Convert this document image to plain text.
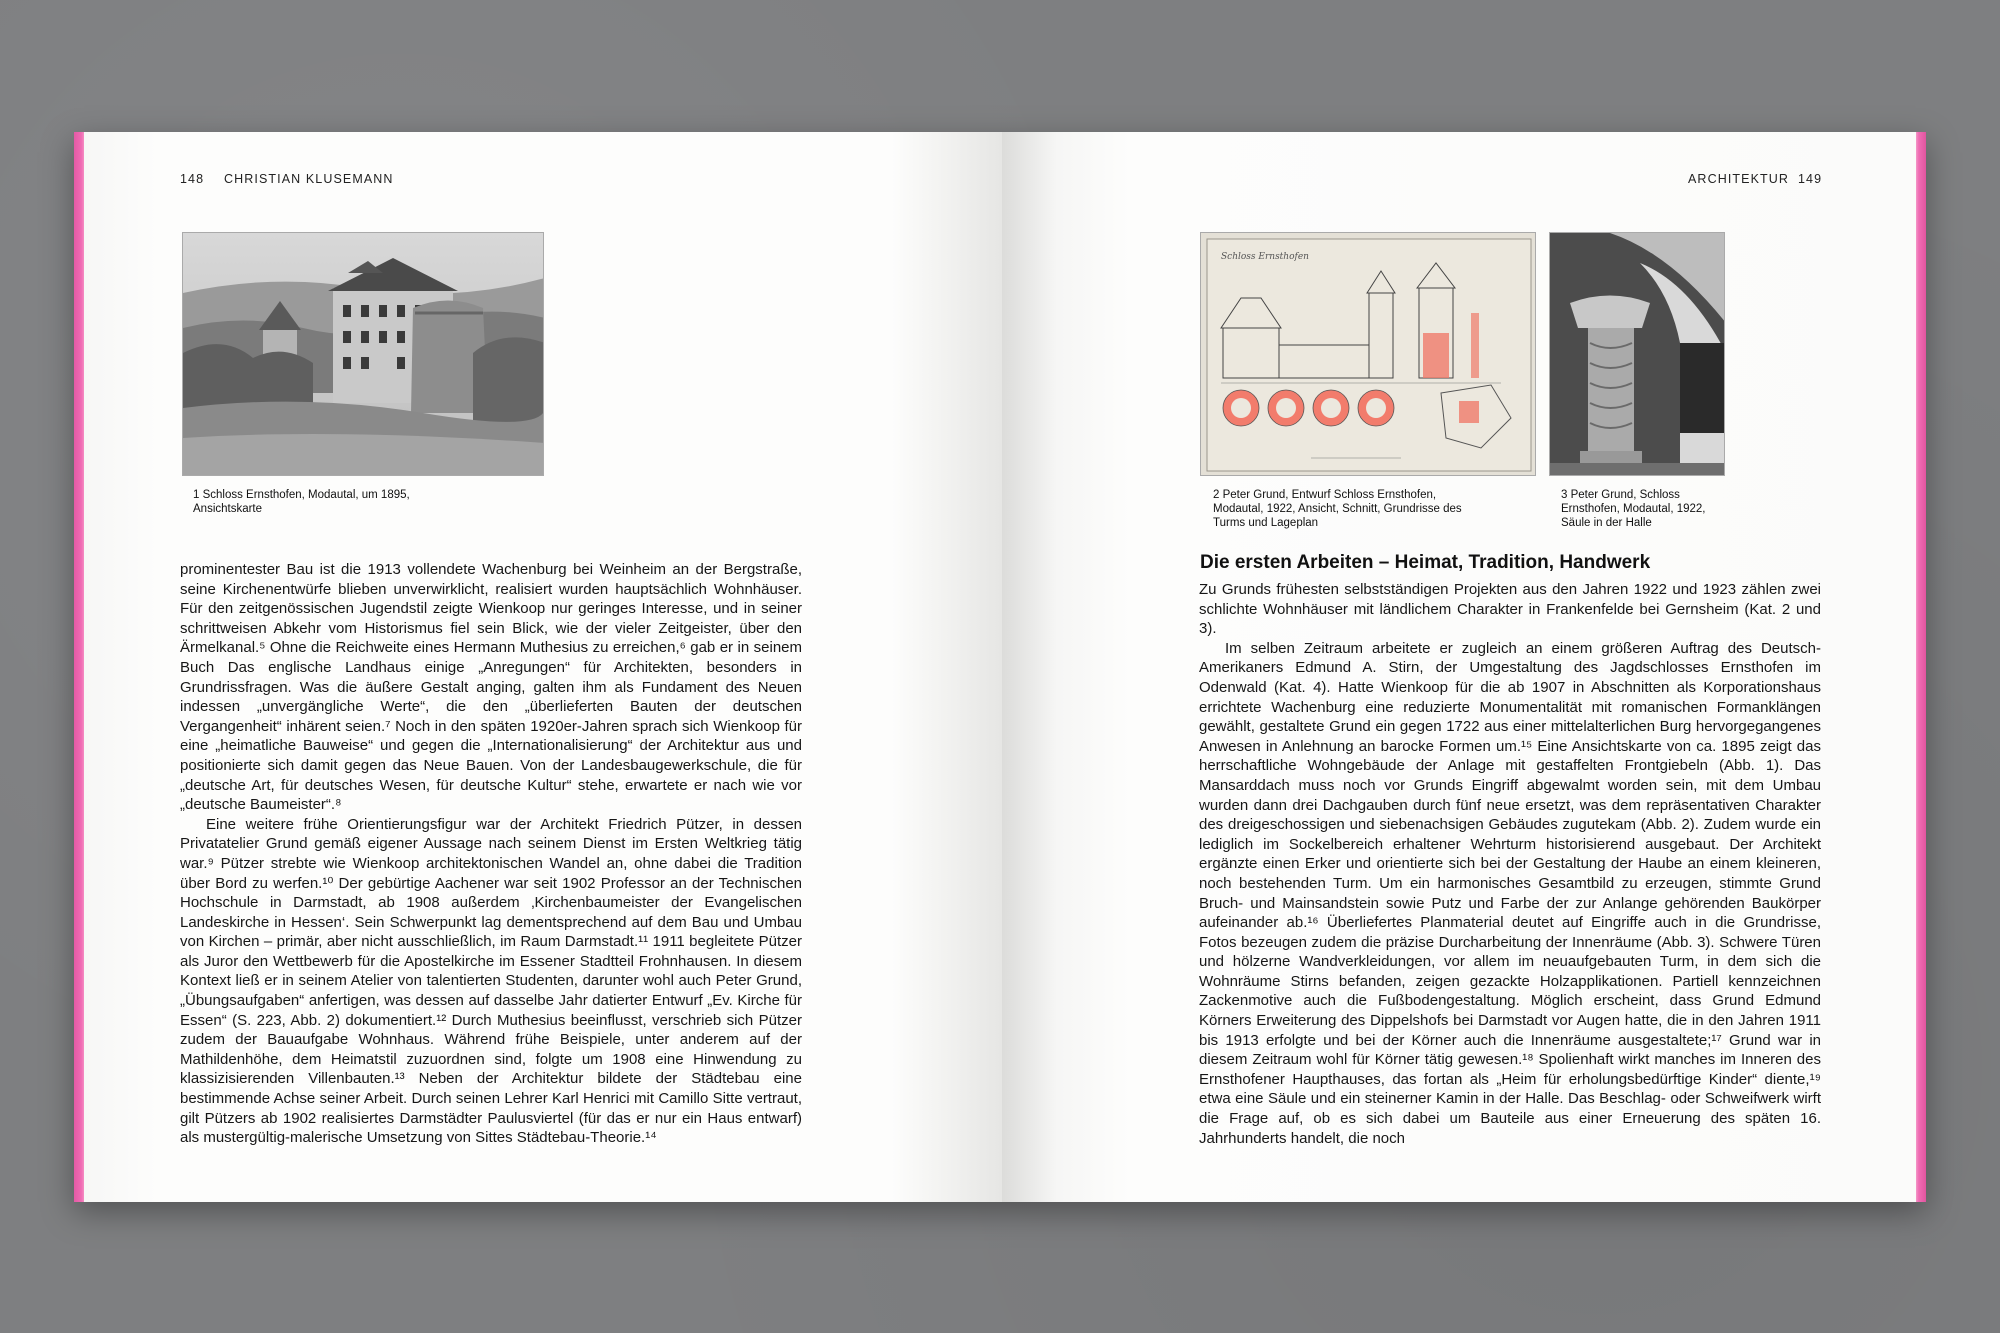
148 CHRISTIAN KLUSEMANN
1 Schloss Ernsthofen, Modautal, um 1895, Ansichtskarte

prominentester Bau ist die 1913 vollendete Wachenburg bei Weinheim an der Bergstraße, seine Kirchenentwürfe blieben unverwirklicht, realisiert wurden hauptsächlich Wohnhäuser. Für den zeitgenössischen Jugendstil zeigte Wienkoop nur geringes Interesse, und in seiner schrittweisen Abkehr vom Historismus fiel sein Blick, wie der vieler Zeitgeister, über den Ärmelkanal.⁵ Ohne die Reichweite eines Hermann Muthesius zu erreichen,⁶ gab er in seinem Buch Das englische Landhaus einige „Anregungen“ für Architekten, besonders in Grundrissfragen. Was die äußere Gestalt anging, galten ihm als Fundament des Neuen indessen „unvergängliche Werte“, die den „überlieferten Bauten der deutschen Vergangenheit“ inhärent seien.⁷ Noch in den späten 1920er-Jahren sprach sich Wienkoop für eine „heimatliche Bauweise“ und gegen die „Internationalisierung“ der Architektur aus und positionierte sich damit gegen das Neue Bauen. Von der Landesbaugewerkschule, die für „deutsche Art, für deutsches Wesen, für deutsche Kultur“ stehe, erwartete er nach wie vor „deutsche Baumeister“.⁸

Eine weitere frühe Orientierungsfigur war der Architekt Friedrich Pützer, in dessen Privatatelier Grund gemäß eigener Aussage nach seinem Dienst im Ersten Weltkrieg tätig war.⁹ Pützer strebte wie Wienkoop architektonischen Wandel an, ohne dabei die Tradition über Bord zu werfen.¹⁰ Der gebürtige Aachener war seit 1902 Professor an der Technischen Hochschule in Darmstadt, ab 1908 außerdem ‚Kirchenbaumeister der Evangelischen Landeskirche in Hessen‘. Sein Schwerpunkt lag dementsprechend auf dem Bau und Umbau von Kirchen – primär, aber nicht ausschließlich, im Raum Darmstadt.¹¹ 1911 begleitete Pützer als Juror den Wettbewerb für die Apostelkirche im Essener Stadtteil Frohnhausen. In diesem Kontext ließ er in seinem Atelier von talentierten Studenten, darunter wohl auch Peter Grund, „Übungsaufgaben“ anfertigen, was dessen auf dasselbe Jahr datierter Entwurf „Ev. Kirche für Essen“ (S. 223, Abb. 2) dokumentiert.¹² Durch Muthesius beeinflusst, verschrieb sich Pützer zudem der Bauaufgabe Wohnhaus. Während frühe Beispiele, unter anderem auf der Mathildenhöhe, dem Heimatstil zuzuordnen sind, folgte um 1908 eine Hinwendung zu klassizisierenden Villenbauten.¹³ Neben der Architektur bildete der Städtebau eine bestimmende Achse seiner Arbeit. Durch seinen Lehrer Karl Henrici mit Camillo Sitte vertraut, gilt Pützers ab 1902 realisiertes Darmstädter Paulusviertel (für das er nur ein Haus entwarf) als mustergültig-malerische Umsetzung von Sittes Städtebau-Theorie.¹⁴

ARCHITEKTUR 149
Schloss Ernsthofen
2 Peter Grund, Entwurf Schloss Ernsthofen, Modautal, 1922, Ansicht, Schnitt, Grundrisse des Turms und Lageplan
3 Peter Grund, Schloss Ernsthofen, Modautal, 1922, Säule in der Halle
Die ersten Arbeiten – Heimat, Tradition, Handwerk

Zu Grunds frühesten selbstständigen Projekten aus den Jahren 1922 und 1923 zählen zwei schlichte Wohnhäuser mit ländlichem Charakter in Frankenfelde bei Gernsheim (Kat. 2 und 3).

Im selben Zeitraum arbeitete er zugleich an einem größeren Auftrag des Deutsch-Amerikaners Edmund A. Stirn, der Umgestaltung des Jagdschlosses Ernsthofen im Odenwald (Kat. 4). Hatte Wienkoop für die ab 1907 in Abschnitten als Korporationshaus errichtete Wachenburg eine reduzierte Monumentalität mit romanischen Formanklängen gewählt, gestaltete Grund ein gegen 1722 aus einer mittelalterlichen Burg hervorgegangenes Anwesen in Anlehnung an barocke Formen um.¹⁵ Eine Ansichtskarte von ca. 1895 zeigt das herrschaftliche Wohngebäude der Anlage mit gestaffelten Frontgiebeln (Abb. 1). Das Mansarddach muss noch vor Grunds Eingriff abgewalmt worden sein, mit dem Umbau wurden dann drei Dachgauben durch fünf neue ersetzt, was dem repräsentativen Charakter des dreigeschossigen und siebenachsigen Gebäudes zugutekam (Abb. 2). Zudem wurde ein lediglich im Sockelbereich erhaltener Wehrturm historisierend ausgebaut. Der Architekt ergänzte einen Erker und orientierte sich bei der Gestaltung der Haube an einem kleineren, noch bestehenden Turm. Um ein harmonisches Gesamtbild zu erzeugen, stimmte Grund Bruch- und Mainsandstein sowie Putz und Farbe der zur Anlange gehörenden Baukörper aufeinander ab.¹⁶ Überliefertes Planmaterial deutet auf Eingriffe auch in die Grundrisse, Fotos bezeugen zudem die präzise Durcharbeitung der Innenräume (Abb. 3). Schwere Türen und hölzerne Wandverkleidungen, vor allem im neuaufgebauten Turm, in dem sich die Wohnräume Stirns befanden, zeigen gezackte Holzapplikationen. Partiell kennzeichnen Zackenmotive auch die Fußbodengestaltung. Möglich erscheint, dass Grund Edmund Körners Erweiterung des Dippelshofs bei Darmstadt vor Augen hatte, die in den Jahren 1911 bis 1913 erfolgte und bei der Körner auch die Innenräume ausgestaltete;¹⁷ Grund war in diesem Zeitraum wohl für Körner tätig gewesen.¹⁸ Spolienhaft wirkt manches im Inneren des Ernsthofener Haupthauses, das fortan als „Heim für erholungsbedürftige Kinder“ diente,¹⁹ etwa eine Säule und ein steinerner Kamin in der Halle. Das Beschlag- oder Schweifwerk wirft die Frage auf, ob es sich dabei um Bauteile aus einer Erneuerung des späten 16. Jahrhunderts handelt, die noch
